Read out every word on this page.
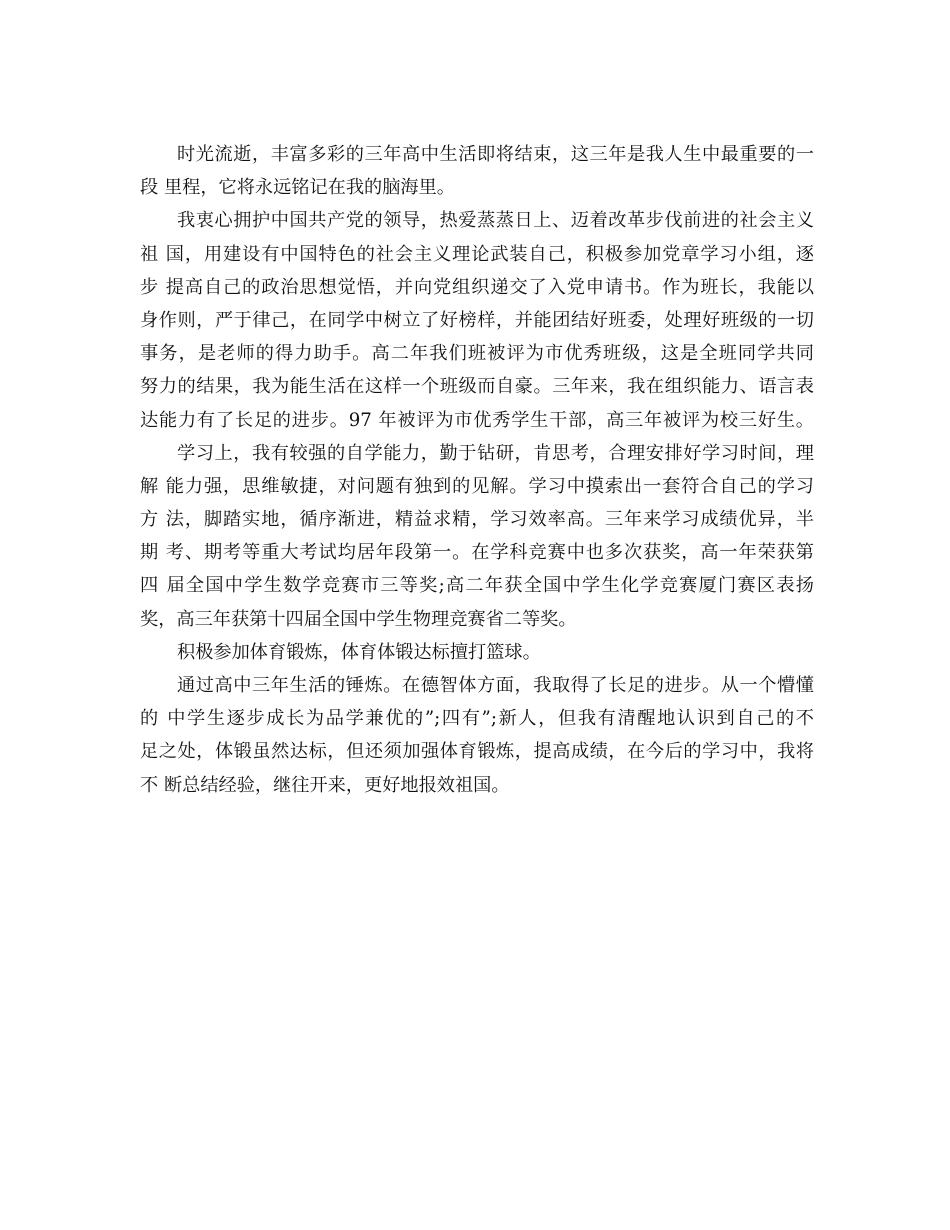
时光流逝，丰富多彩的三年高中生活即将结束，这三年是我人生中最重要的一
段 里程，它将永远铭记在我的脑海里。
我衷心拥护中国共产党的领导，热爱蒸蒸日上、迈着改革步伐前进的社会主义
祖 国，用建设有中国特色的社会主义理论武装自己，积极参加党章学习小组，逐
步 提高自己的政治思想觉悟，并向党组织递交了入党申请书。作为班长，我能以
身作则，严于律己，在同学中树立了好榜样，并能团结好班委，处理好班级的一切
事务，是老师的得力助手。高二年我们班被评为市优秀班级，这是全班同学共同
努力的结果，我为能生活在这样一个班级而自豪。三年来，我在组织能力、语言表
达能力有了长足的进步。97 年被评为市优秀学生干部，高三年被评为校三好生。
学习上，我有较强的自学能力，勤于钻研，肯思考，合理安排好学习时间，理
解 能力强，思维敏捷，对问题有独到的见解。学习中摸索出一套符合自己的学习
方 法，脚踏实地，循序渐进，精益求精，学习效率高。三年来学习成绩优异，半
期 考、期考等重大考试均居年段第一。在学科竞赛中也多次获奖，高一年荣获第
四 届全国中学生数学竞赛市三等奖;高二年获全国中学生化学竞赛厦门赛区表扬
奖，高三年获第十四届全国中学生物理竞赛省二等奖。
积极参加体育锻炼，体育体锻达标擅打篮球。
通过高中三年生活的锤炼。在德智体方面，我取得了长足的进步。从一个懵懂
的 中学生逐步成长为品学兼优的”;四有”;新人，但我有清醒地认识到自己的不
足之处，体锻虽然达标，但还须加强体育锻炼，提高成绩，在今后的学习中，我将
不 断总结经验，继往开来，更好地报效祖国。
